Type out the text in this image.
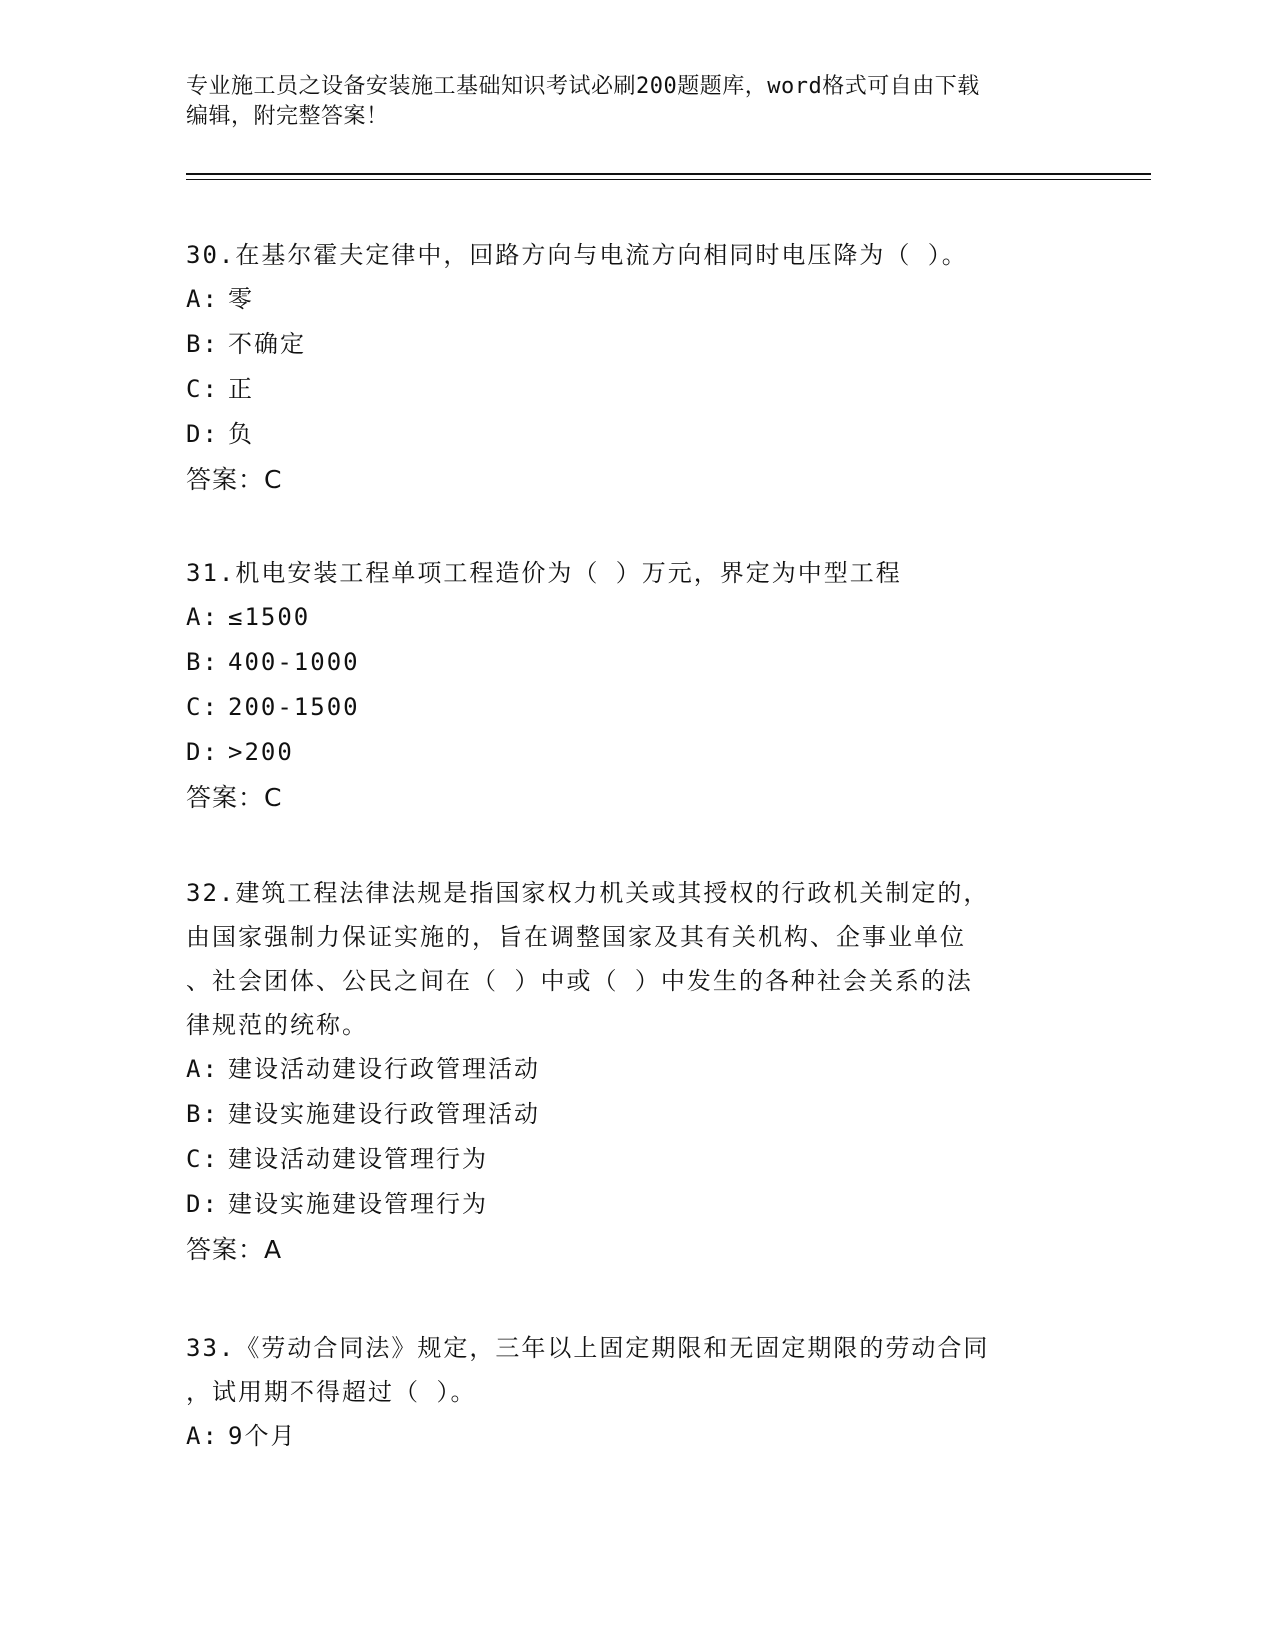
专业施工员之设备安装施工基础知识考试必刷200题题库，word格式可自由下载
编辑，附完整答案！
30.在基尔霍夫定律中，回路方向与电流方向相同时电压降为（ ）。
A: 零
B: 不确定
C: 正
D: 负
答案：C
31.机电安装工程单项工程造价为（ ）万元，界定为中型工程
A: ≤1500
B: 400-1000
C: 200-1500
D: >200
答案：C
32.建筑工程法律法规是指国家权力机关或其授权的行政机关制定的，
由国家强制力保证实施的，旨在调整国家及其有关机构、企事业单位
、社会团体、公民之间在（ ）中或（ ）中发生的各种社会关系的法
律规范的统称。
A: 建设活动建设行政管理活动
B: 建设实施建设行政管理活动
C: 建设活动建设管理行为
D: 建设实施建设管理行为
答案：A
33.《劳动合同法》规定，三年以上固定期限和无固定期限的劳动合同
，试用期不得超过（ ）。
A: 9个月
